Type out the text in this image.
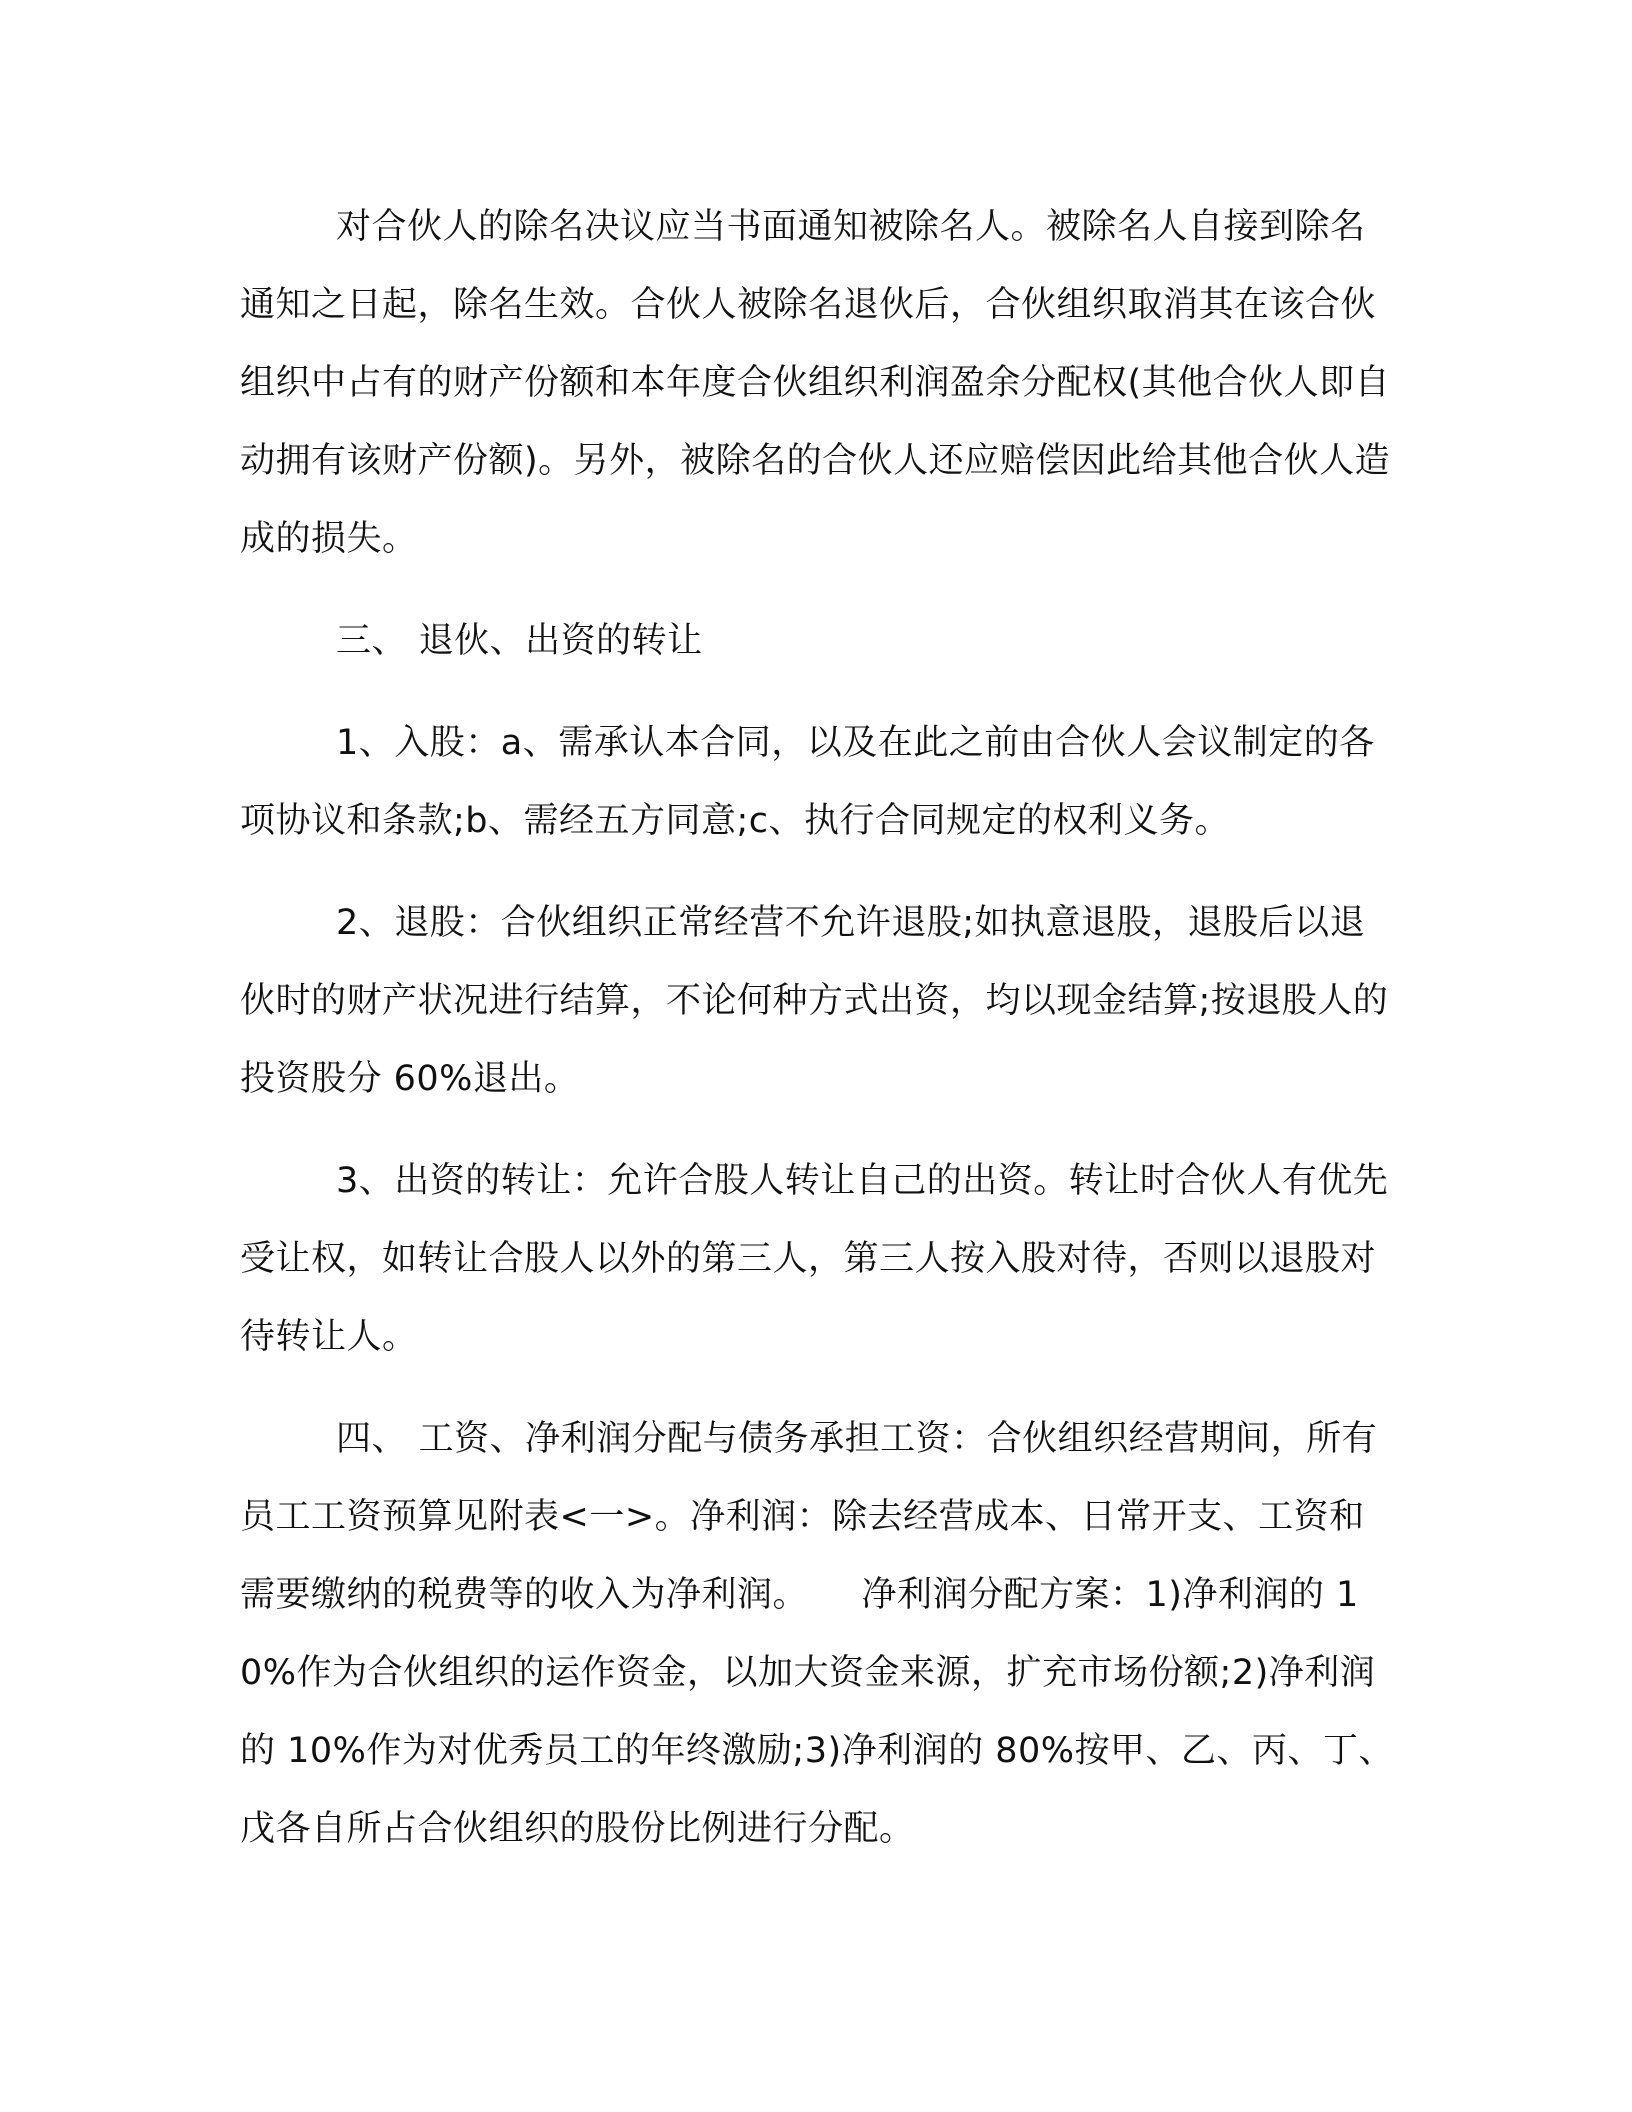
对合伙人的除名决议应当书面通知被除名人。被除名人自接到除名通知之日起，除名生效。合伙人被除名退伙后，合伙组织取消其在该合伙组织中占有的财产份额和本年度合伙组织利润盈余分配权(其他合伙人即自动拥有该财产份额)。另外，被除名的合伙人还应赔偿因此给其他合伙人造成的损失。

三、 退伙、出资的转让

1、入股：a、需承认本合同，以及在此之前由合伙人会议制定的各项协议和条款;b、需经五方同意;c、执行合同规定的权利义务。

2、退股：合伙组织正常经营不允许退股;如执意退股，退股后以退伙时的财产状况进行结算，不论何种方式出资，均以现金结算;按退股人的投资股分 60%退出。

3、出资的转让：允许合股人转让自己的出资。转让时合伙人有优先受让权，如转让合股人以外的第三人，第三人按入股对待，否则以退股对待转让人。

四、 工资、净利润分配与债务承担工资：合伙组织经营期间，所有员工工资预算见附表<一>。净利润：除去经营成本、日常开支、工资和需要缴纳的税费等的收入为净利润。　　净利润分配方案：1)净利润的 10%作为合伙组织的运作资金，以加大资金来源，扩充市场份额;2)净利润的 10%作为对优秀员工的年终激励;3)净利润的 80%按甲、乙、丙、丁、戊各自所占合伙组织的股份比例进行分配。
